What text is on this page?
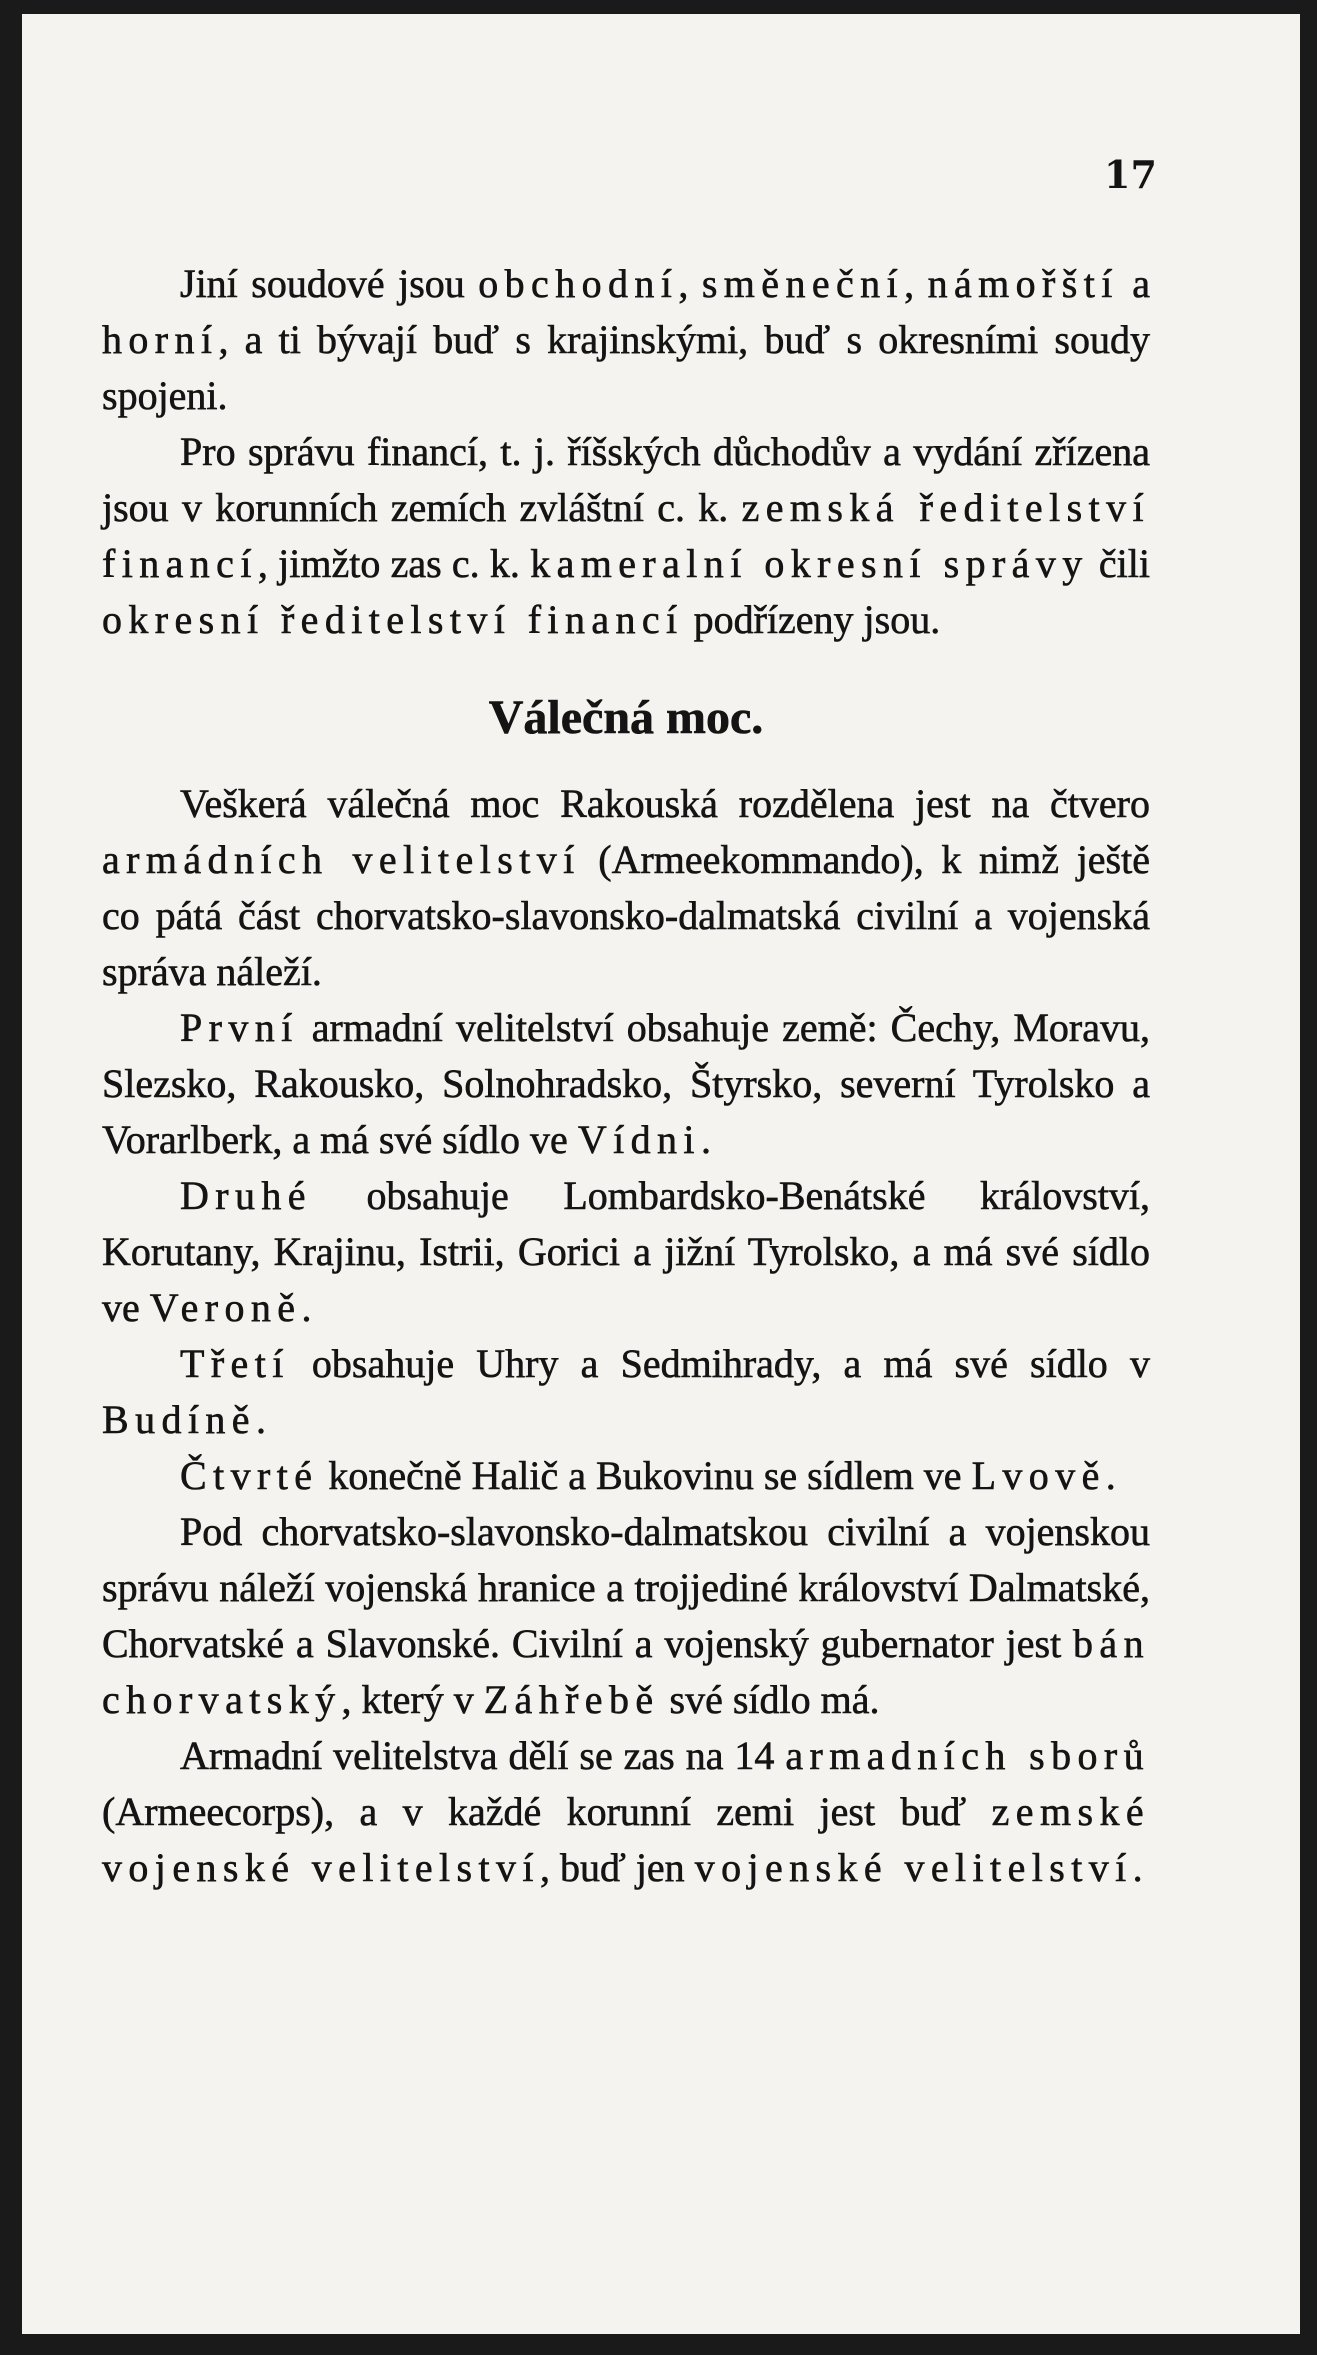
17

Jiní soudové jsou obchodní, směneční, námořští a horní, a ti bývají buď s krajinskými, buď s okresními soudy spojeni.

Pro správu financí, t. j. říšských důchodův a vydání zřízena jsou v korunních zemích zvláštní c. k. zemská ředitelství financí, jimžto zas c. k. kameralní okresní správy čili okresní ředitelství financí podřízeny jsou.

Válečná moc.

Veškerá válečná moc Rakouská rozdělena jest na čtvero armádních velitelství (Armeekommando), k nimž ještě co pátá část chorvatsko-slavonsko-dalmatská civilní a vojenská správa náleží.

První armadní velitelství obsahuje země: Čechy, Moravu, Slezsko, Rakousko, Solnohradsko, Štyrsko, severní Tyrolsko a Vorarlberk, a má své sídlo ve Vídni.

Druhé obsahuje Lombardsko-Benátské království, Korutany, Krajinu, Istrii, Gorici a jižní Tyrolsko, a má své sídlo ve Veroně.

Třetí obsahuje Uhry a Sedmihrady, a má své sídlo v Budíně.

Čtvrté konečně Halič a Bukovinu se sídlem ve Lvově.

Pod chorvatsko-slavonsko-dalmatskou civilní a vojenskou správu náleží vojenská hranice a trojjediné království Dalmatské, Chorvatské a Slavonské. Civilní a vojenský gubernator jest bán chorvatský, který v Záhřebě své sídlo má.

Armadní velitelstva dělí se zas na 14 armadních sborů (Armeecorps), a v každé korunní zemi jest buď zemské vojenské velitelství, buď jen vojenské velitelství.
